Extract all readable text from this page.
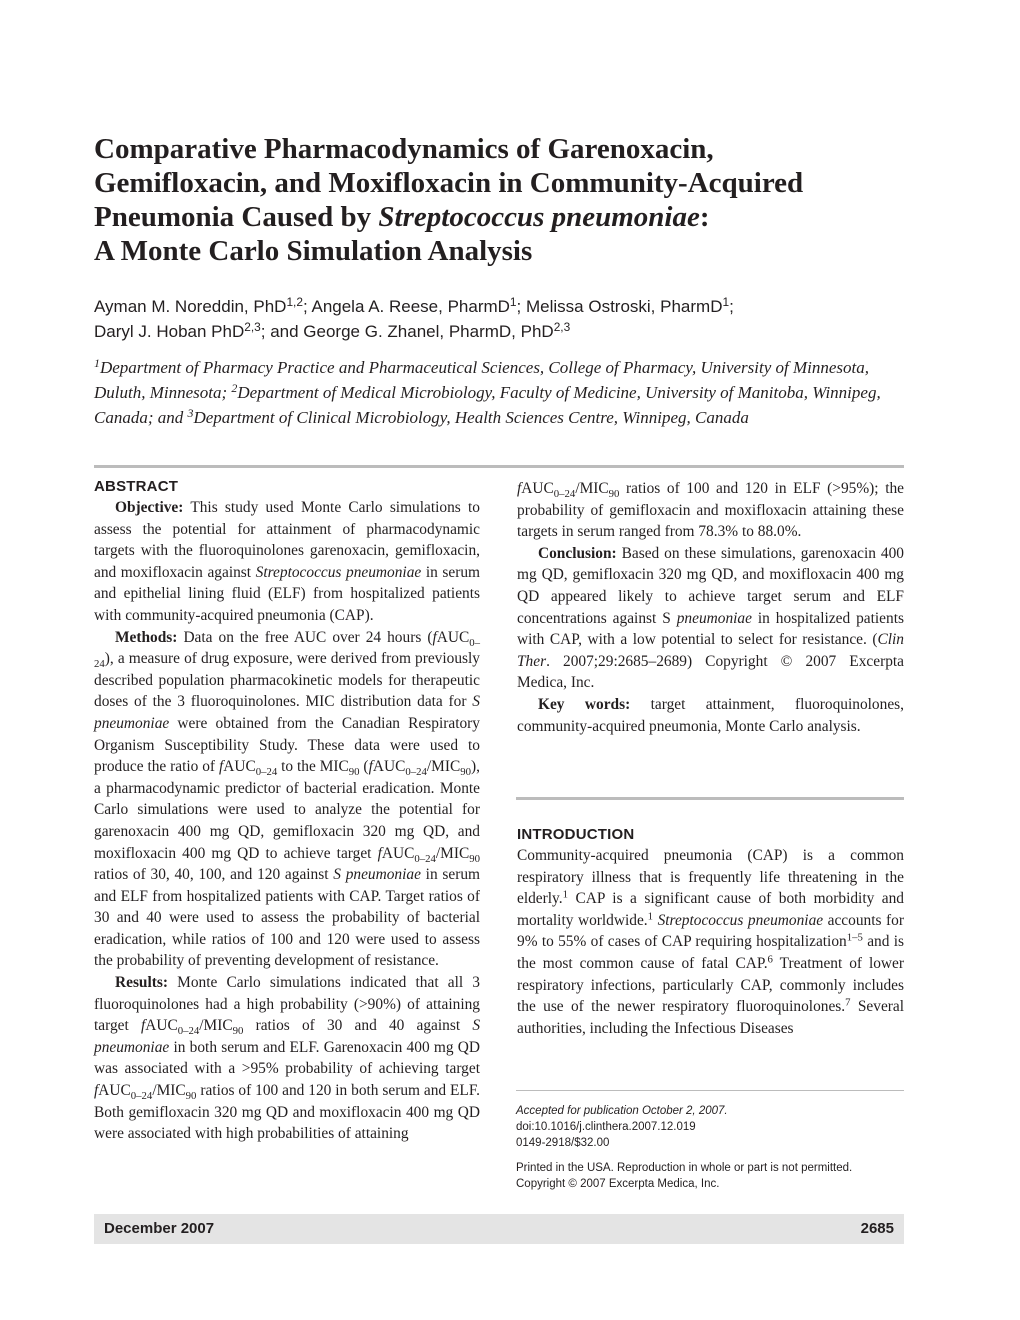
Comparative Pharmacodynamics of Garenoxacin,
Gemifloxacin, and Moxifloxacin in Community-Acquired
Pneumonia Caused by Streptococcus pneumoniae:
A Monte Carlo Simulation Analysis

Ayman M. Noreddin, PhD$^{1,2}$; Angela A. Reese, PharmD$^1$; Melissa Ostroski, PharmD$^1$;
Daryl J. Hoban PhD$^{2,3}$; and George G. Zhanel, PharmD, PhD$^{2,3}$

$^1$Department of Pharmacy Practice and Pharmaceutical Sciences, College of Pharmacy, University of Minnesota, Duluth, Minnesota; $^2$Department of Medical Microbiology, Faculty of Medicine, University of Manitoba, Winnipeg, Canada; and $^3$Department of Clinical Microbiology, Health Sciences Centre, Winnipeg, Canada

ABSTRACT

Objective: This study used Monte Carlo simulations to assess the potential for attainment of pharmacodynamic targets with the fluoroquinolones garenoxacin, gemifloxacin, and moxifloxacin against Streptococcus pneumoniae in serum and epithelial lining fluid (ELF) from hospitalized patients with community-acquired pneumonia (CAP).

Methods: Data on the free AUC over 24 hours (fAUC$_{0-24}$), a measure of drug exposure, were derived from previously described population pharmacokinetic models for therapeutic doses of the 3 fluoroquinolones. MIC distribution data for S pneumoniae were obtained from the Canadian Respiratory Organism Susceptibility Study. These data were used to produce the ratio of fAUC$_{0-24}$ to the $MIC_{90}$ $(fAUC_{0-24}/MIC_{90})$, a pharmacodynamic predictor of bacterial eradication. Monte Carlo simulations were used to analyze the potential for garenoxacin 400 mg QD, gemifloxacin 320 mg QD, and moxifloxacin 400 mg QD to achieve target $fAUC_{0-24}/MIC_{90}$ ratios of 30, 40, 100, and 120 against S pneumoniae in serum and ELF from hospitalized patients with CAP. Target ratios of 30 and 40 were used to assess the probability of bacterial eradication, while ratios of 100 and 120 were used to assess the probability of preventing development of resistance.

Results: Monte Carlo simulations indicated that all 3 fluoroquinolones had a high probability (>90%) of attaining target $fAUC_{0-24}/MIC_{90}$ ratios of 30 and 40 against S pneumoniae in both serum and ELF. Garenoxacin 400 mg QD was associated with a >95% probability of achieving target $fAUC_{0-24}/MIC_{90}$ ratios of 100 and 120 in both serum and ELF. Both gemifloxacin 320 mg QD and moxifloxacin 400 mg QD were associated with high probabilities of attaining

$fAUC_{0-24}/MIC_{90}$ ratios of 100 and 120 in ELF (>95%); the probability of gemifloxacin and moxifloxacin attaining these targets in serum ranged from 78.3% to 88.0%.

Conclusion: Based on these simulations, garenoxacin 400 mg QD, gemifloxacin 320 mg QD, and moxifloxacin 400 mg QD appeared likely to achieve target serum and ELF concentrations against S pneumoniae in hospitalized patients with CAP, with a low potential to select for resistance. (Clin Ther. 2007;29:2685–2689) Copyright © 2007 Excerpta Medica, Inc.

Key words: target attainment, fluoroquinolones, community-acquired pneumonia, Monte Carlo analysis.

INTRODUCTION

Community-acquired pneumonia (CAP) is a common respiratory illness that is frequently life threatening in the elderly.$^1$ CAP is a significant cause of both morbidity and mortality worldwide.$^1$ Streptococcus pneumoniae accounts for 9% to 55% of cases of CAP requiring hospitalization$^{1-5}$ and is the most common cause of fatal CAP.$^6$ Treatment of lower respiratory infections, particularly CAP, commonly includes the use of the newer respiratory fluoroquinolones.$^7$ Several authorities, including the Infectious Diseases

Accepted for publication October 2, 2007.
doi:10.1016/j.clinthera.2007.12.019
0149-2918/$32.00
Printed in the USA. Reproduction in whole or part is not permitted.
Copyright © 2007 Excerpta Medica, Inc.
December 2007	2685
